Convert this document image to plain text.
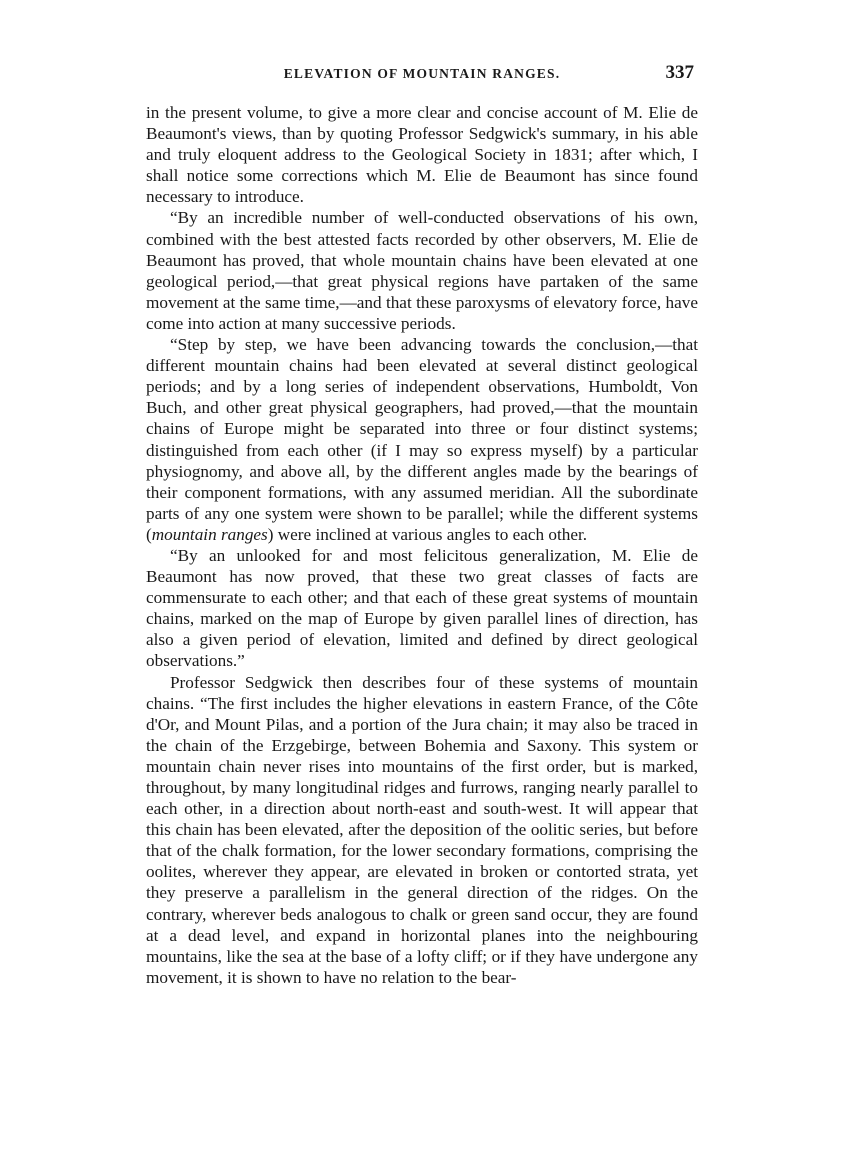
ELEVATION OF MOUNTAIN RANGES.	337

in the present volume, to give a more clear and concise account of M. Elie de Beaumont's views, than by quoting Professor Sedgwick's summary, in his able and truly eloquent address to the Geological Society in 1831; after which, I shall notice some corrections which M. Elie de Beaumont has since found necessary to introduce.

“By an incredible number of well-conducted observations of his own, combined with the best attested facts recorded by other observers, M. Elie de Beaumont has proved, that whole mountain chains have been elevated at one geological period,—that great physical regions have partaken of the same movement at the same time,—and that these paroxysms of elevatory force, have come into action at many successive periods.

“Step by step, we have been advancing towards the conclusion,—that different mountain chains had been elevated at several distinct geological periods; and by a long series of independent observations, Humboldt, Von Buch, and other great physical geographers, had proved,—that the mountain chains of Europe might be separated into three or four distinct systems; distinguished from each other (if I may so express myself) by a particular physiognomy, and above all, by the different angles made by the bearings of their component formations, with any assumed meridian. All the subordinate parts of any one system were shown to be parallel; while the different systems (mountain ranges) were inclined at various angles to each other.

“By an unlooked for and most felicitous generalization, M. Elie de Beaumont has now proved, that these two great classes of facts are commensurate to each other; and that each of these great systems of mountain chains, marked on the map of Europe by given parallel lines of direction, has also a given period of elevation, limited and defined by direct geological observations.”

Professor Sedgwick then describes four of these systems of mountain chains. “The first includes the higher elevations in eastern France, of the Côte d'Or, and Mount Pilas, and a portion of the Jura chain; it may also be traced in the chain of the Erzgebirge, between Bohemia and Saxony. This system or mountain chain never rises into mountains of the first order, but is marked, throughout, by many longitudinal ridges and furrows, ranging nearly parallel to each other, in a direction about north-east and south-west. It will appear that this chain has been elevated, after the deposition of the oolitic series, but before that of the chalk formation, for the lower secondary formations, comprising the oolites, wherever they appear, are elevated in broken or contorted strata, yet they preserve a parallelism in the general direction of the ridges. On the contrary, wherever beds analogous to chalk or green sand occur, they are found at a dead level, and expand in horizontal planes into the neighbouring mountains, like the sea at the base of a lofty cliff; or if they have undergone any movement, it is shown to have no relation to the bear-
